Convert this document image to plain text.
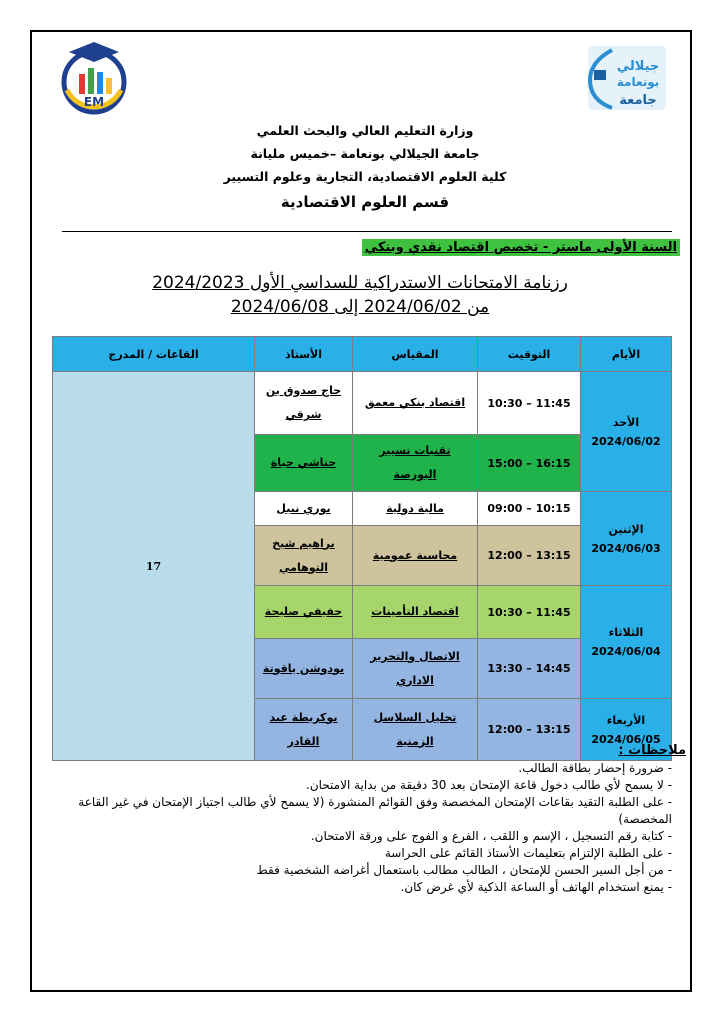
EM
جيلالي
بونعامة
جامعة
وزارة التعليم العالي والبحث العلمي
جامعة الجيلالي بونعامة –خميس مليانة
كلية العلوم الاقتصادية، التجارية وعلوم التسيير
قسم العلوم الاقتصادية
السنة الأولى ماستر - تخصص اقتصاد نقدي وبنكي
رزنامة الامتحانات الاستدراكية للسداسي الأول 2024/2023
من 2024/06/02 إلى 2024/06/08
الأيام	التوقيت	المقياس	الأستاذ	القاعات / المدرج

الأحد
2024/06/02	10:30 – 11:45	اقتصاد بنكي معمق	حاج صدوق بن شرقي	17

	15:00 – 16:15	تقنيات تسيير البورصة	حناشي حياة	

الإثنين
2024/06/03	09:00 – 10:15	مالية دولية	بوري نبيل	

	12:00 – 13:15	محاسبة عمومية	براهيم شيخ التوهامي	

الثلاثاء
2024/06/04	10:30 – 11:45	اقتصاد التأمينات	حفيفي صليحة	

	13:30 – 14:45	الاتصال والتحرير الاداري	بودوشن ياقوتة	

الأربعاء
2024/06/05	12:00 – 13:15	تحليل السلاسل الزمنية	بوكريطة عبد القادر	
ملاحظات :
- ضرورة إحضار بطاقة الطالب.
- لا يسمح لأي طالب دخول قاعة الإمتحان بعد 30 دقيقة من بداية الامتحان.
- على الطلبة التقيد بقاعات الإمتحان المخصصة وفق القوائم المنشورة (لا يسمح لأي طالب اجتياز الإمتحان في غير القاعة المخصصة)
- كتابة رقم التسجيل ، الإسم و اللقب ، الفرع و الفوج على ورقة الامتحان.
- على الطلبة الإلتزام بتعليمات الأستاذ القائم على الحراسة
- من أجل السير الحسن للإمتحان ، الطالب مطالب باستعمال أغراضه الشخصية فقط
- يمنع استخدام الهاتف أو الساعة الذكية لأي غرض كان.
